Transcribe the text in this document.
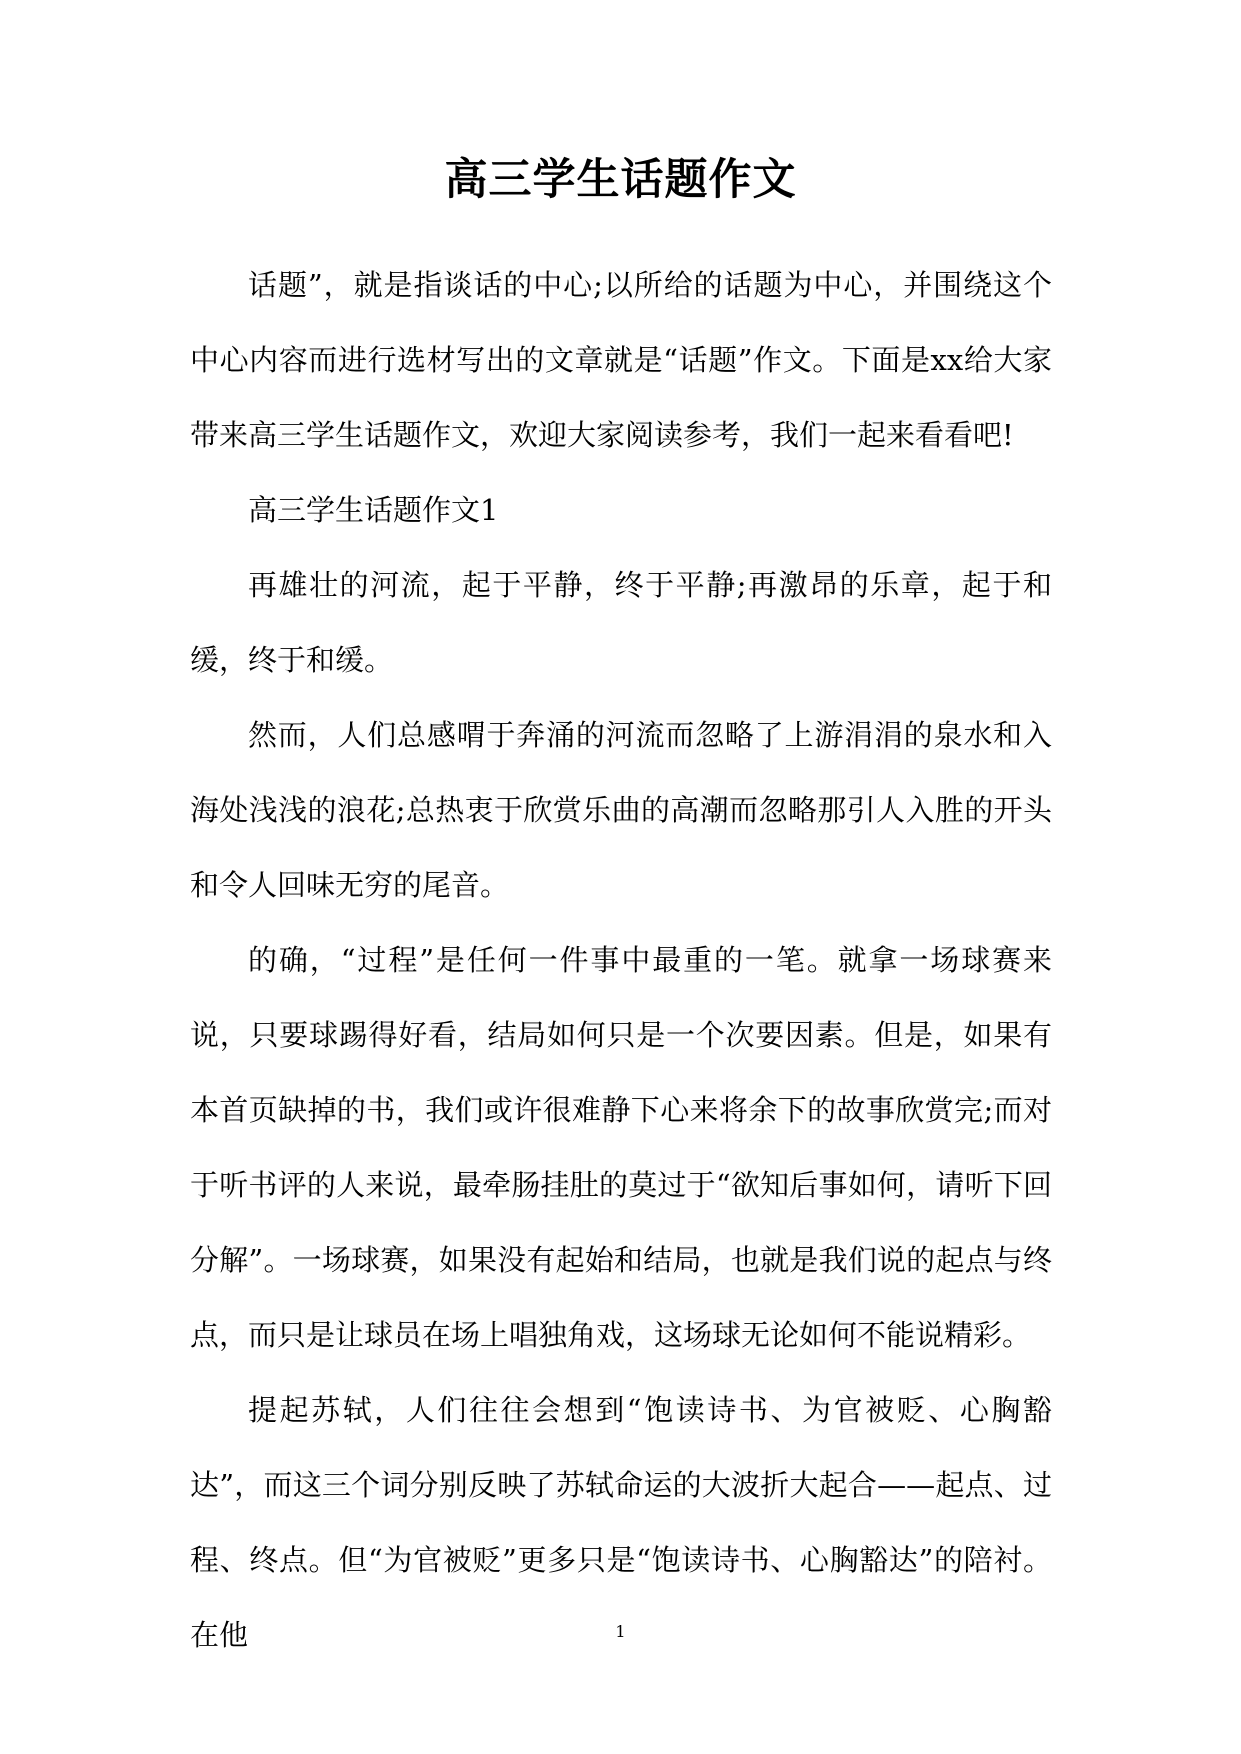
高三学生话题作文

话题”，就是指谈话的中心;以所给的话题为中心，并围绕这个中心内容而进行选材写出的文章就是“话题”作文。下面是xx给大家带来高三学生话题作文，欢迎大家阅读参考，我们一起来看看吧!

高三学生话题作文1

再雄壮的河流，起于平静，终于平静;再激昂的乐章，起于和缓，终于和缓。

然而，人们总感喟于奔涌的河流而忽略了上游涓涓的泉水和入海处浅浅的浪花;总热衷于欣赏乐曲的高潮而忽略那引人入胜的开头和令人回味无穷的尾音。

的确，“过程”是任何一件事中最重的一笔。就拿一场球赛来说，只要球踢得好看，结局如何只是一个次要因素。但是，如果有本首页缺掉的书，我们或许很难静下心来将余下的故事欣赏完;而对于听书评的人来说，最牵肠挂肚的莫过于“欲知后事如何，请听下回分解”。一场球赛，如果没有起始和结局，也就是我们说的起点与终点，而只是让球员在场上唱独角戏，这场球无论如何不能说精彩。

提起苏轼，人们往往会想到“饱读诗书、为官被贬、心胸豁达”，而这三个词分别反映了苏轼命运的大波折大起合——起点、过程、终点。但“为官被贬”更多只是“饱读诗书、心胸豁达”的陪衬。在他	1
